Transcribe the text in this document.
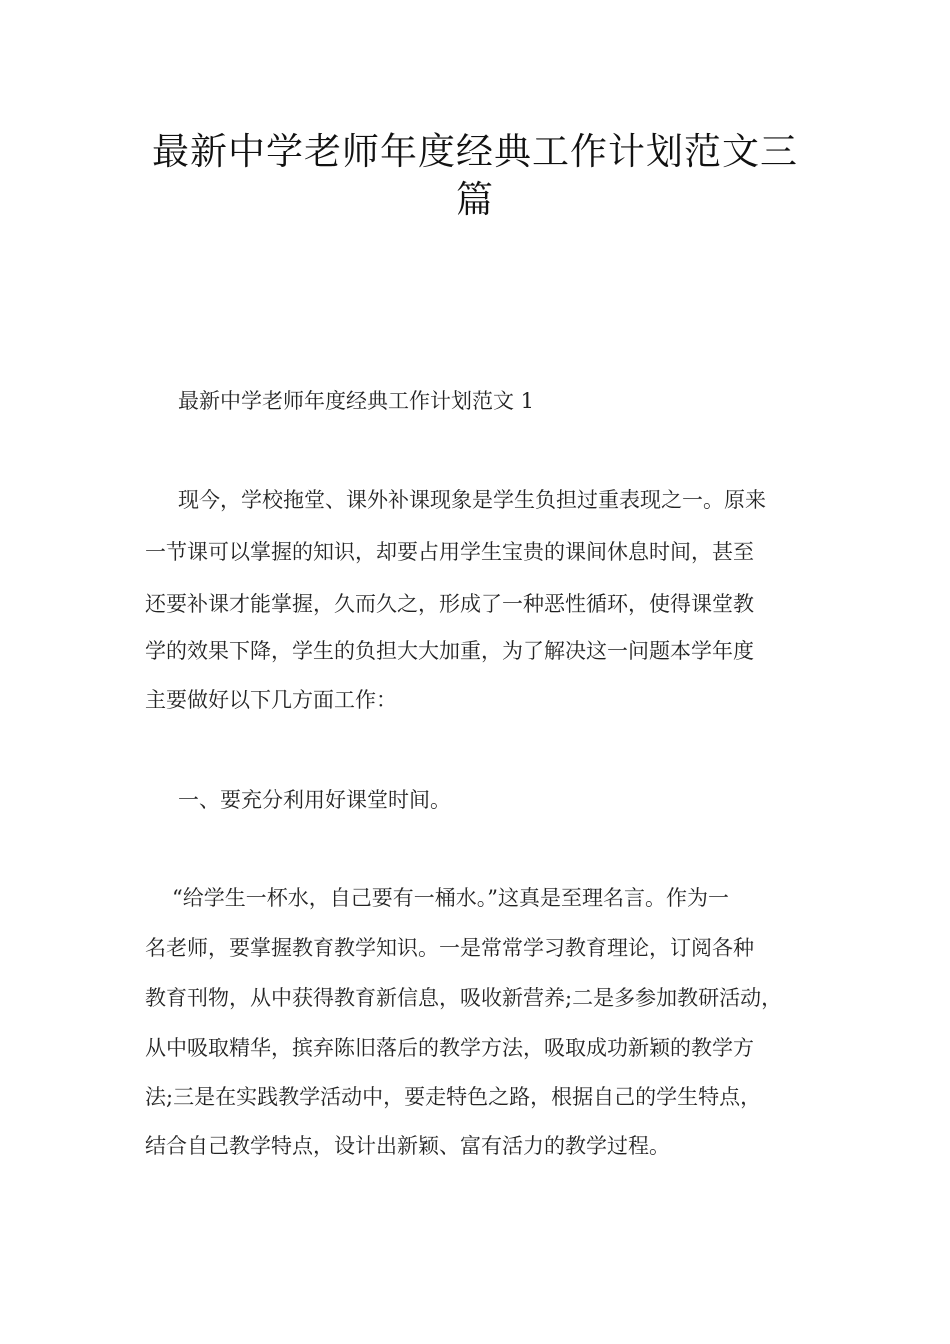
最新中学老师年度经典工作计划范文三
篇

最新中学老师年度经典工作计划范文 1

现今，学校拖堂、课外补课现象是学生负担过重表现之一。原来

一节课可以掌握的知识，却要占用学生宝贵的课间休息时间，甚至

还要补课才能掌握，久而久之，形成了一种恶性循环，使得课堂教

学的效果下降，学生的负担大大加重，为了解决这一问题本学年度

主要做好以下几方面工作：

一、要充分利用好课堂时间。

“给学生一杯水，自己要有一桶水。”这真是至理名言。作为一

名老师，要掌握教育教学知识。一是常常学习教育理论，订阅各种

教育刊物，从中获得教育新信息，吸收新营养;二是多参加教研活动，

从中吸取精华，摈弃陈旧落后的教学方法，吸取成功新颖的教学方

法;三是在实践教学活动中，要走特色之路，根据自己的学生特点，

结合自己教学特点，设计出新颖、富有活力的教学过程。
